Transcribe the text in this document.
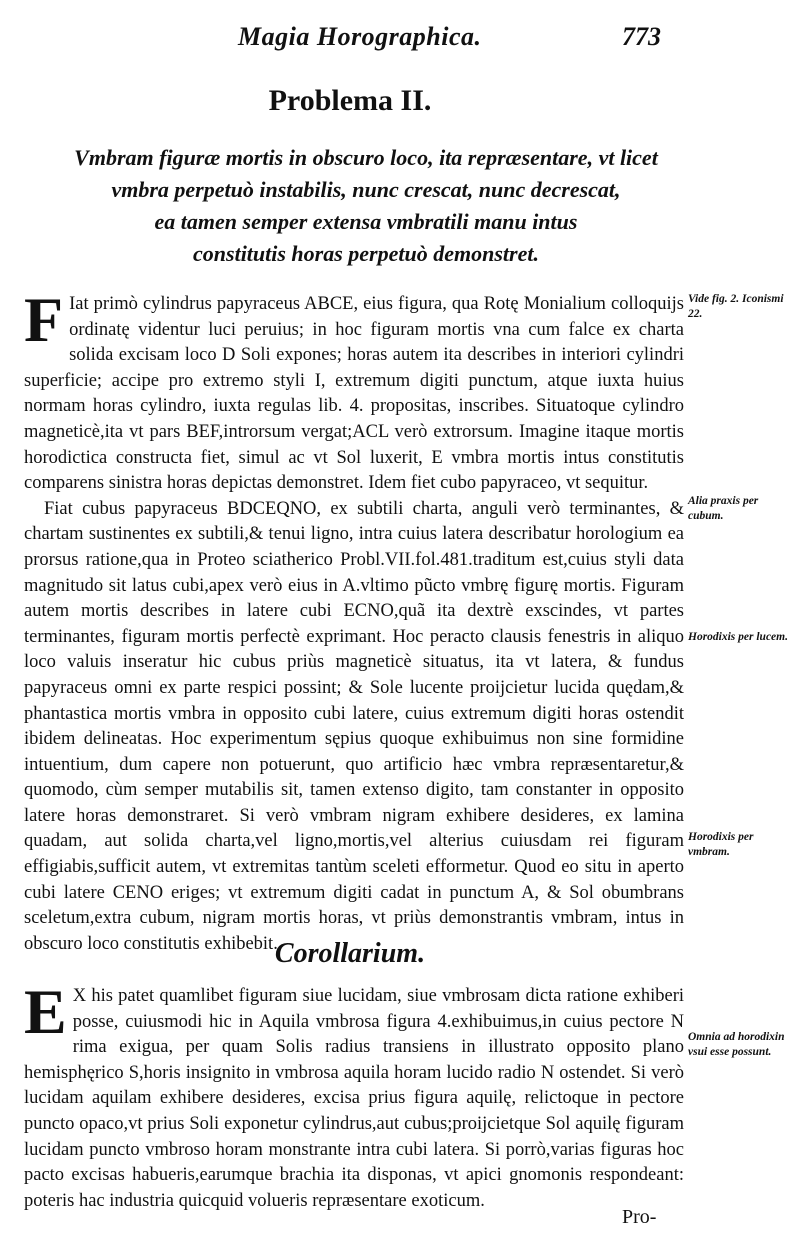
Magia Horographica.	773
Problema II.
Vmbram figuræ mortis in obscuro loco, ita repræsentare, vt licet
vmbra perpetuò instabilis, nunc crescat, nunc decrescat,
ea tamen semper extensa vmbratili manu intus
constitutis horas perpetuò demonstret.

F Iat primò cylindrus papyraceus ABCE, eius figura, qua Rotę Monialium colloquijs ordinatę videntur luci peruius; in hoc figuram mortis vna cum falce ex charta solida excisam loco D Soli expones; horas autem ita describes in interiori cylindri superficie; accipe pro extremo styli I, extremum digiti punctum, atque iuxta huius normam horas cylindro, iuxta regulas lib. 4. propositas, inscribes. Situatoque cylindro magneticè,ita vt pars BEF,introrsum vergat;ACL verò extrorsum. Imagine itaque mortis horodictica constructa fiet, simul ac vt Sol luxerit, E vmbra mortis intus constitutis comparens sinistra horas depictas demonstret. Idem fiet cubo papyraceo, vt sequitur.

Fiat cubus papyraceus BDCEQNO, ex subtili charta, anguli verò terminantes, & chartam sustinentes ex subtili,& tenui ligno, intra cuius latera describatur horologium ea prorsus ratione,qua in Proteo sciatherico Probl.VII.fol.481.traditum est,cuius styli data magnitudo sit latus cubi,apex verò eius in A.vltimo pũcto vmbrę figurę mortis. Figuram autem mortis describes in latere cubi ECNO,quã ita dextrè exscindes, vt partes terminantes, figuram mortis perfectè exprimant. Hoc peracto clausis fenestris in aliquo loco valuis inseratur hic cubus priùs magneticè situatus, ita vt latera, & fundus papyraceus omni ex parte respici possint; & Sole lucente proijcietur lucida quędam,& phantastica mortis vmbra in opposito cubi latere, cuius extremum digiti horas ostendit ibidem delineatas. Hoc experimentum sępius quoque exhibuimus non sine formidine intuentium, dum capere non potuerunt, quo artificio hæc vmbra repræsentaretur,& quomodo, cùm semper mutabilis sit, tamen extenso digito, tam constanter in opposito latere horas demonstraret. Si verò vmbram nigram exhibere desideres, ex lamina quadam, aut solida charta,vel ligno,mortis,vel alterius cuiusdam rei figuram effigiabis,sufficit autem, vt extremitas tantùm sceleti efformetur. Quod eo situ in aperto cubi latere CENO eriges; vt extremum digiti cadat in punctum A, & Sol obumbrans sceletum,extra cubum, nigram mortis horas, vt priùs demonstrantis vmbram, intus in obscuro loco constitutis exhibebit.

Corollarium.

E X his patet quamlibet figuram siue lucidam, siue vmbrosam dicta ratione exhiberi posse, cuiusmodi hic in Aquila vmbrosa figura 4.exhibuimus,in cuius pectore N rima exigua, per quam Solis radius transiens in illustrato opposito plano hemisphęrico S,horis insignito in vmbrosa aquila horam lucido radio N ostendet. Si verò lucidam aquilam exhibere desideres, excisa prius figura aquilę, relictoque in pectore puncto opaco,vt prius Soli exponetur cylindrus,aut cubus;proijcietque Sol aquilę figuram lucidam puncto vmbroso horam monstrante intra cubi latera. Si porrò,varias figuras hoc pacto excisas habueris,earumque brachia ita disponas, vt apici gnomonis respondeant: poteris hac industria quicquid volueris repræsentare exoticum.

Vide fig. 2. Iconismi 22.
Alia praxis per cubum.
Horodixis per lucem.
Horodixis per vmbram.
Omnia ad horodixin vsui esse possunt.
Pro-
